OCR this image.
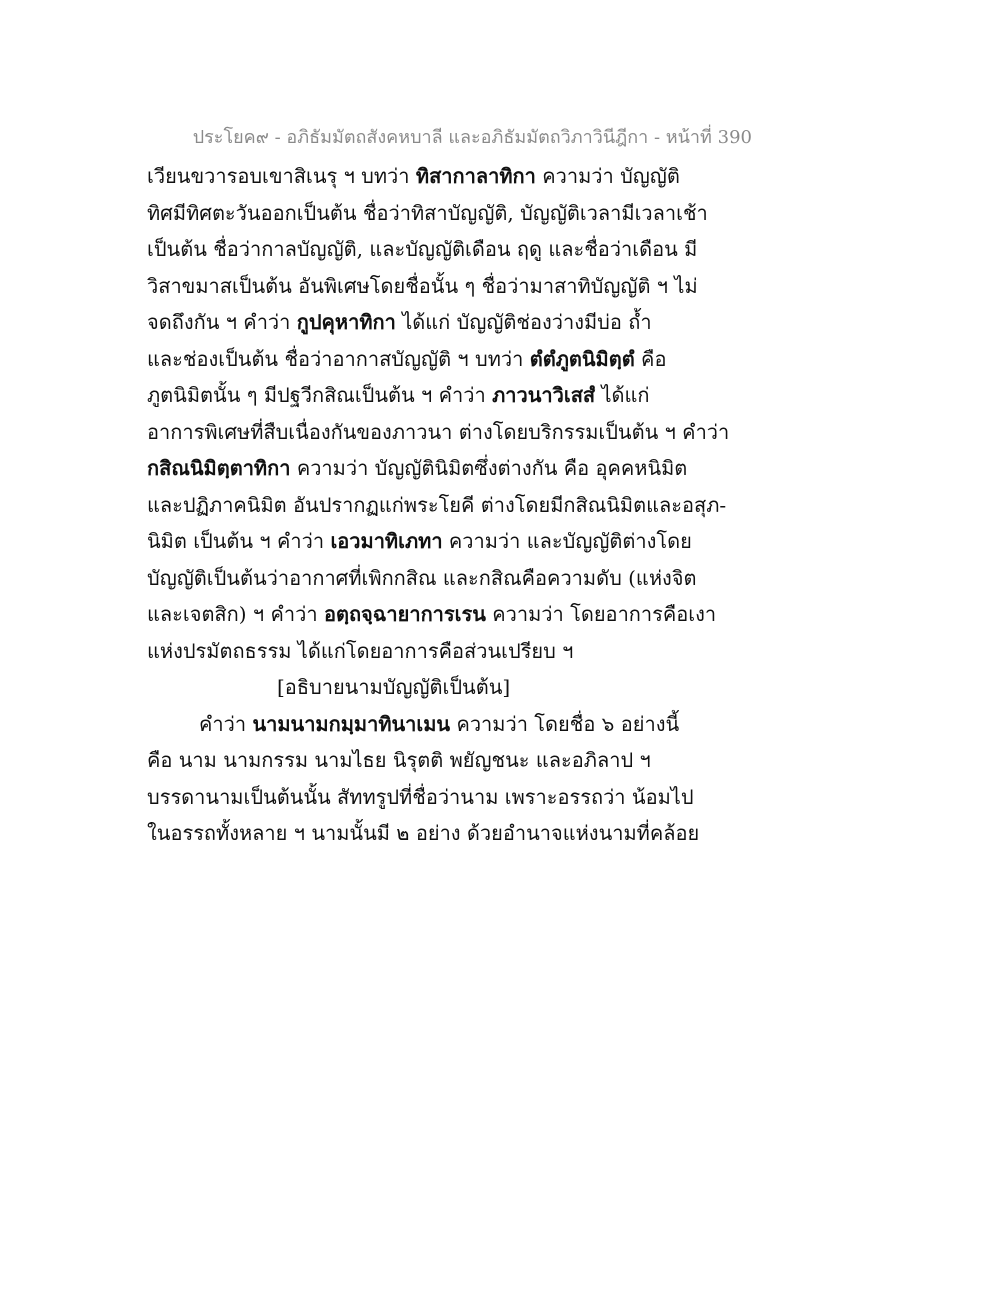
ประโยค๙ - อภิธัมมัตถสังคหบาลี และอภิธัมมัตถวิภาวินีฎีกา - หน้าที่ 390
เวียนขวารอบเขาสิเนรุ ฯ บทว่า ทิสากาลาทิกา ความว่า บัญญัติ
ทิศมีทิศตะวันออกเป็นต้น ชื่อว่าทิสาบัญญัติ, บัญญัติเวลามีเวลาเช้า
เป็นต้น ชื่อว่ากาลบัญญัติ, และบัญญัติเดือน ฤดู และชื่อว่าเดือน มี
วิสาขมาสเป็นต้น อันพิเศษโดยชื่อนั้น ๆ ชื่อว่ามาสาทิบัญญัติ ฯ ไม่
จดถึงกัน ฯ คำว่า กูปคุหาทิกา ได้แก่ บัญญัติช่องว่างมีบ่อ ถ้ำ
และช่องเป็นต้น ชื่อว่าอากาสบัญญัติ ฯ บทว่า ตํตํภูตนิมิตฺตํ คือ
ภูตนิมิตนั้น ๆ มีปฐวีกสิณเป็นต้น ฯ คำว่า ภาวนาวิเสสํ ได้แก่
อาการพิเศษที่สืบเนื่องกันของภาวนา ต่างโดยบริกรรมเป็นต้น ฯ คำว่า
กสิณนิมิตฺตาทิกา ความว่า บัญญัตินิมิตซึ่งต่างกัน คือ อุคคหนิมิต
และปฏิภาคนิมิต อันปรากฏแก่พระโยคี ต่างโดยมีกสิณนิมิตและอสุภ-
นิมิต เป็นต้น ฯ คำว่า เอวมาทิเภทา ความว่า และบัญญัติต่างโดย
บัญญัติเป็นต้นว่าอากาศที่เพิกกสิณ และกสิณคือความดับ (แห่งจิต
และเจตสิก) ฯ คำว่า อตฺถจฺฉายาการเรน ความว่า โดยอาการคือเงา
แห่งปรมัตถธรรม ได้แก่โดยอาการคือส่วนเปรียบ ฯ
[อธิบายนามบัญญัติเป็นต้น]
คำว่า นามนามกมฺมาทินาเมน ความว่า โดยชื่อ ๖ อย่างนี้
คือ นาม นามกรรม นามไธย นิรุตติ พยัญชนะ และอภิลาป ฯ
บรรดานามเป็นต้นนั้น สัททรูปที่ชื่อว่านาม เพราะอรรถว่า น้อมไป
ในอรรถทั้งหลาย ฯ นามนั้นมี ๒ อย่าง ด้วยอำนาจแห่งนามที่คล้อย
